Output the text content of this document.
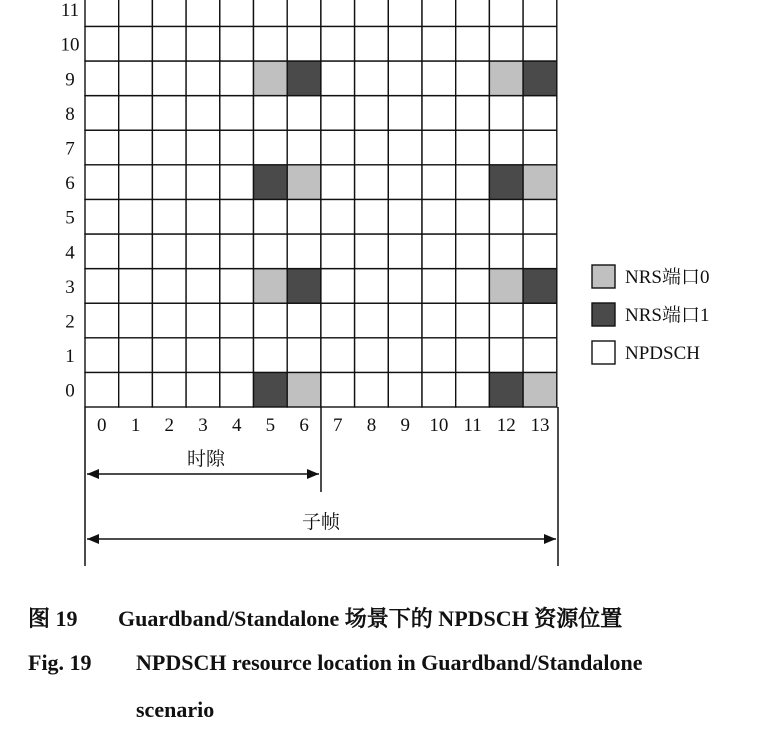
0
1
2
3
4
5
6
7
8
9
10
11
0 1 2 3 4 5 6 7 8 9 10 11 12 13
时隙
子帧
NRS端口0
NRS端口1
NPDSCH
图 19 Guardband/Standalone 场景下的 NPDSCH 资源位置
Fig. 19 NPDSCH resource location in Guardband/Standalone
scenario
